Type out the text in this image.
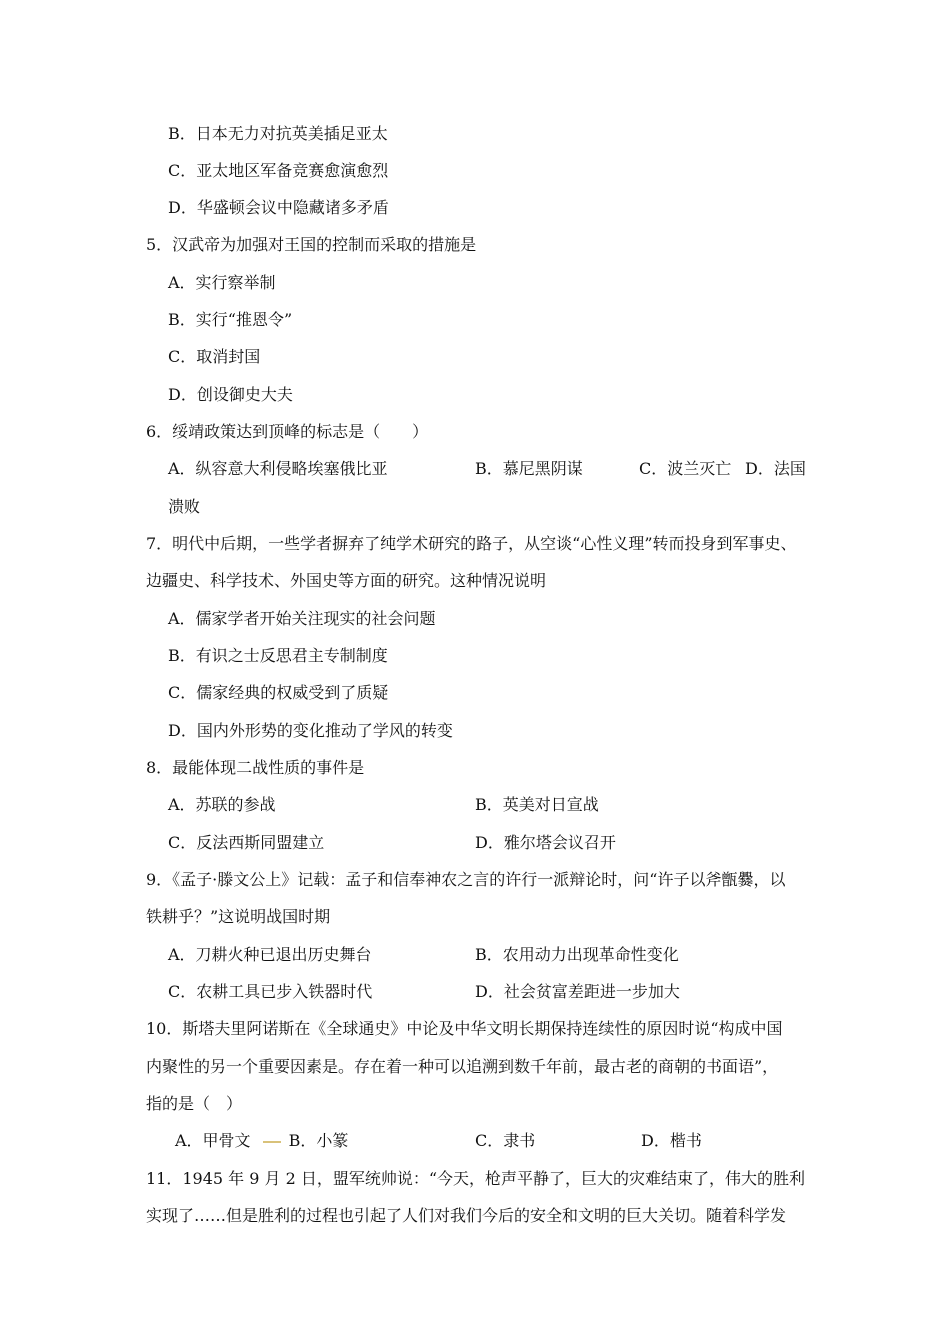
B．日本无力对抗英美插足亚太
C．亚太地区军备竞赛愈演愈烈
D．华盛顿会议中隐藏诸多矛盾
5．汉武帝为加强对王国的控制而采取的措施是
A．实行察举制
B．实行“推恩令”
C．取消封国
D．创设御史大夫
6．绥靖政策达到顶峰的标志是（　　）
A．纵容意大利侵略埃塞俄比亚	B．慕尼黑阴谋	C．波兰灭亡 D．法国
溃败
7．明代中后期，一些学者摒弃了纯学术研究的路子，从空谈“心性义理”转而投身到军事史、
边疆史、科学技术、外国史等方面的研究。这种情况说明
A．儒家学者开始关注现实的社会问题
B．有识之士反思君主专制制度
C．儒家经典的权威受到了质疑
D．国内外形势的变化推动了学风的转变
8．最能体现二战性质的事件是
A．苏联的参战	B．英美对日宣战
C．反法西斯同盟建立	D．雅尔塔会议召开
9．《孟子·滕文公上》记载：孟子和信奉神农之言的许行一派辩论时，问“许子以斧甑爨，以
铁耕乎？”这说明战国时期
A．刀耕火种已退出历史舞台	B．农用动力出现革命性变化
C．农耕工具已步入铁器时代	D．社会贫富差距进一步加大
10．斯塔夫里阿诺斯在《全球通史》中论及中华文明长期保持连续性的原因时说“构成中国
内聚性的另一个重要因素是。存在着一种可以追溯到数千年前，最古老的商朝的书面语”，
指的是（　）
A．甲骨文 B．小篆	C．隶书	D．楷书
11．1945 年 9 月 2 日，盟军统帅说：“今天，枪声平静了，巨大的灾难结束了，伟大的胜利
实现了……但是胜利的过程也引起了人们对我们今后的安全和文明的巨大关切。随着科学发
